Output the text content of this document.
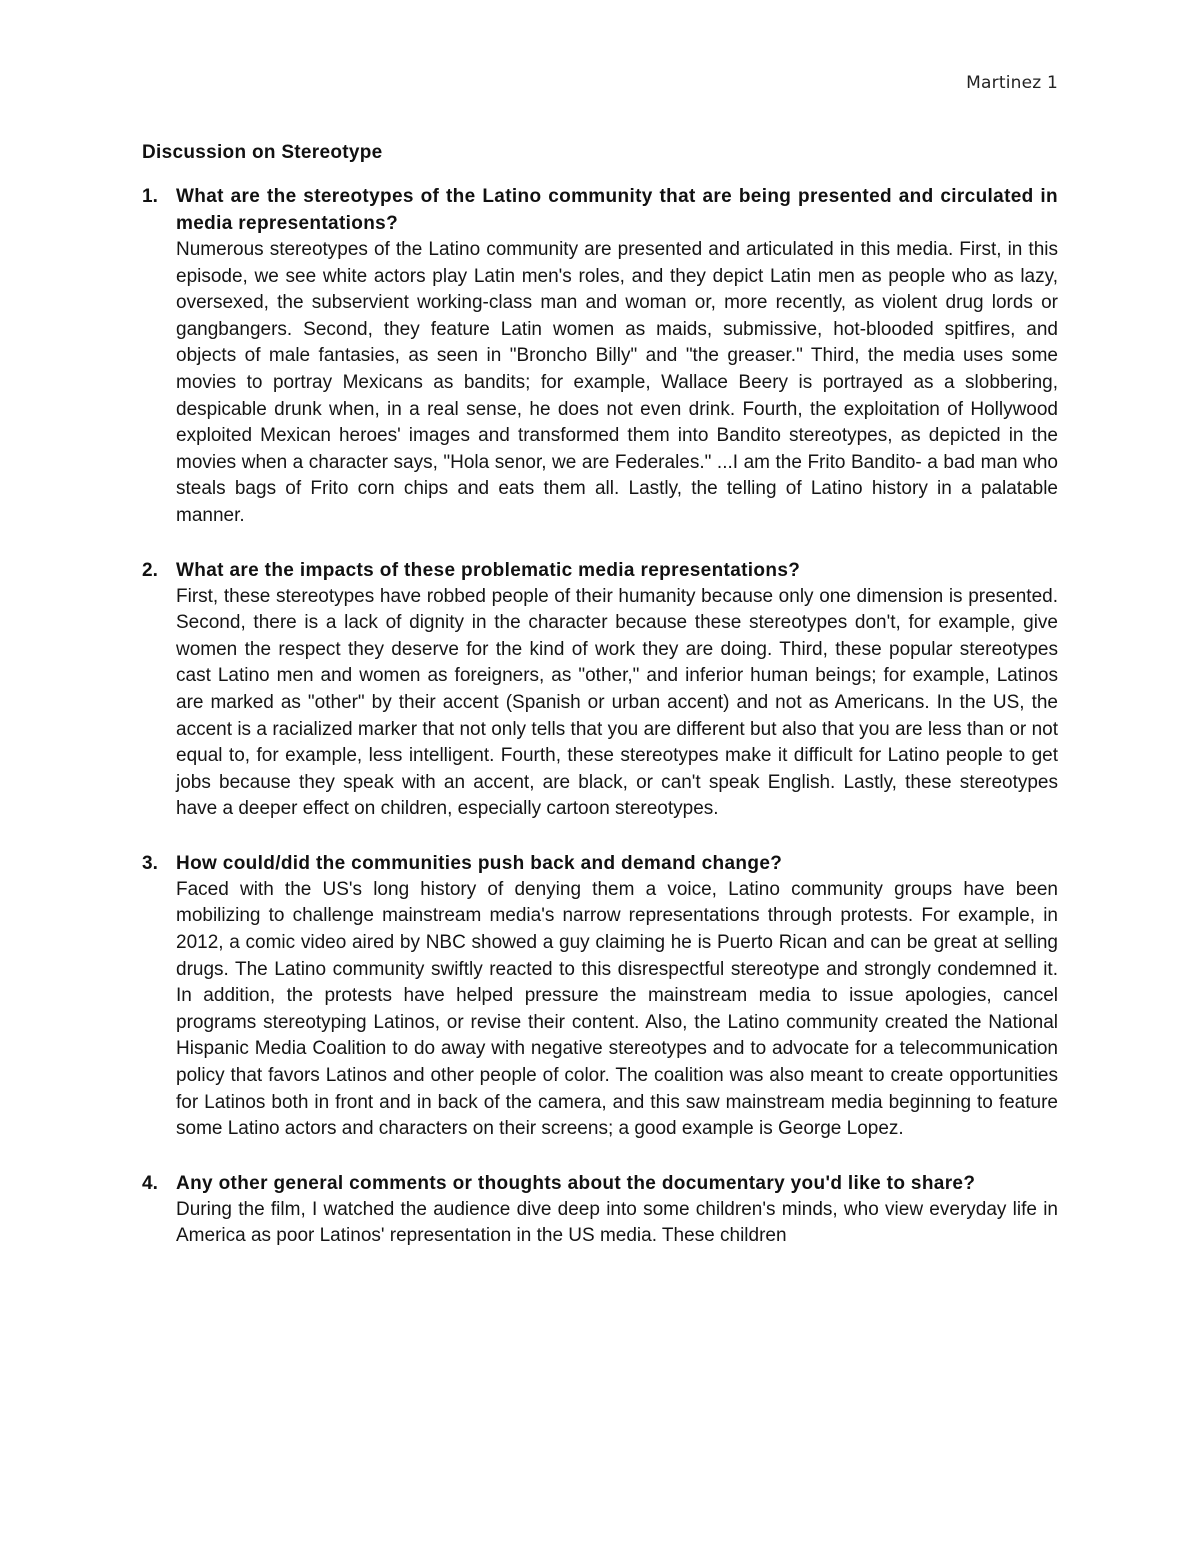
Martinez 1
Discussion on Stereotype
1. What are the stereotypes of the Latino community that are being presented and circulated in media representations?

Numerous stereotypes of the Latino community are presented and articulated in this media. First, in this episode, we see white actors play Latin men's roles, and they depict Latin men as people who as lazy, oversexed, the subservient working-class man and woman or, more recently, as violent drug lords or gangbangers. Second, they feature Latin women as maids, submissive, hot-blooded spitfires, and objects of male fantasies, as seen in "Broncho Billy" and "the greaser." Third, the media uses some movies to portray Mexicans as bandits; for example, Wallace Beery is portrayed as a slobbering, despicable drunk when, in a real sense, he does not even drink. Fourth, the exploitation of Hollywood exploited Mexican heroes' images and transformed them into Bandito stereotypes, as depicted in the movies when a character says, "Hola senor, we are Federales." ...I am the Frito Bandito- a bad man who steals bags of Frito corn chips and eats them all. Lastly, the telling of Latino history in a palatable manner.

2. What are the impacts of these problematic media representations?

First, these stereotypes have robbed people of their humanity because only one dimension is presented. Second, there is a lack of dignity in the character because these stereotypes don't, for example, give women the respect they deserve for the kind of work they are doing. Third, these popular stereotypes cast Latino men and women as foreigners, as "other," and inferior human beings; for example, Latinos are marked as "other" by their accent (Spanish or urban accent) and not as Americans. In the US, the accent is a racialized marker that not only tells that you are different but also that you are less than or not equal to, for example, less intelligent. Fourth, these stereotypes make it difficult for Latino people to get jobs because they speak with an accent, are black, or can't speak English. Lastly, these stereotypes have a deeper effect on children, especially cartoon stereotypes.

3. How could/did the communities push back and demand change?

Faced with the US's long history of denying them a voice, Latino community groups have been mobilizing to challenge mainstream media's narrow representations through protests. For example, in 2012, a comic video aired by NBC showed a guy claiming he is Puerto Rican and can be great at selling drugs. The Latino community swiftly reacted to this disrespectful stereotype and strongly condemned it. In addition, the protests have helped pressure the mainstream media to issue apologies, cancel programs stereotyping Latinos, or revise their content. Also, the Latino community created the National Hispanic Media Coalition to do away with negative stereotypes and to advocate for a telecommunication policy that favors Latinos and other people of color. The coalition was also meant to create opportunities for Latinos both in front and in back of the camera, and this saw mainstream media beginning to feature some Latino actors and characters on their screens; a good example is George Lopez.

4. Any other general comments or thoughts about the documentary you'd like to share?

During the film, I watched the audience dive deep into some children's minds, who view everyday life in America as poor Latinos' representation in the US media. These children
